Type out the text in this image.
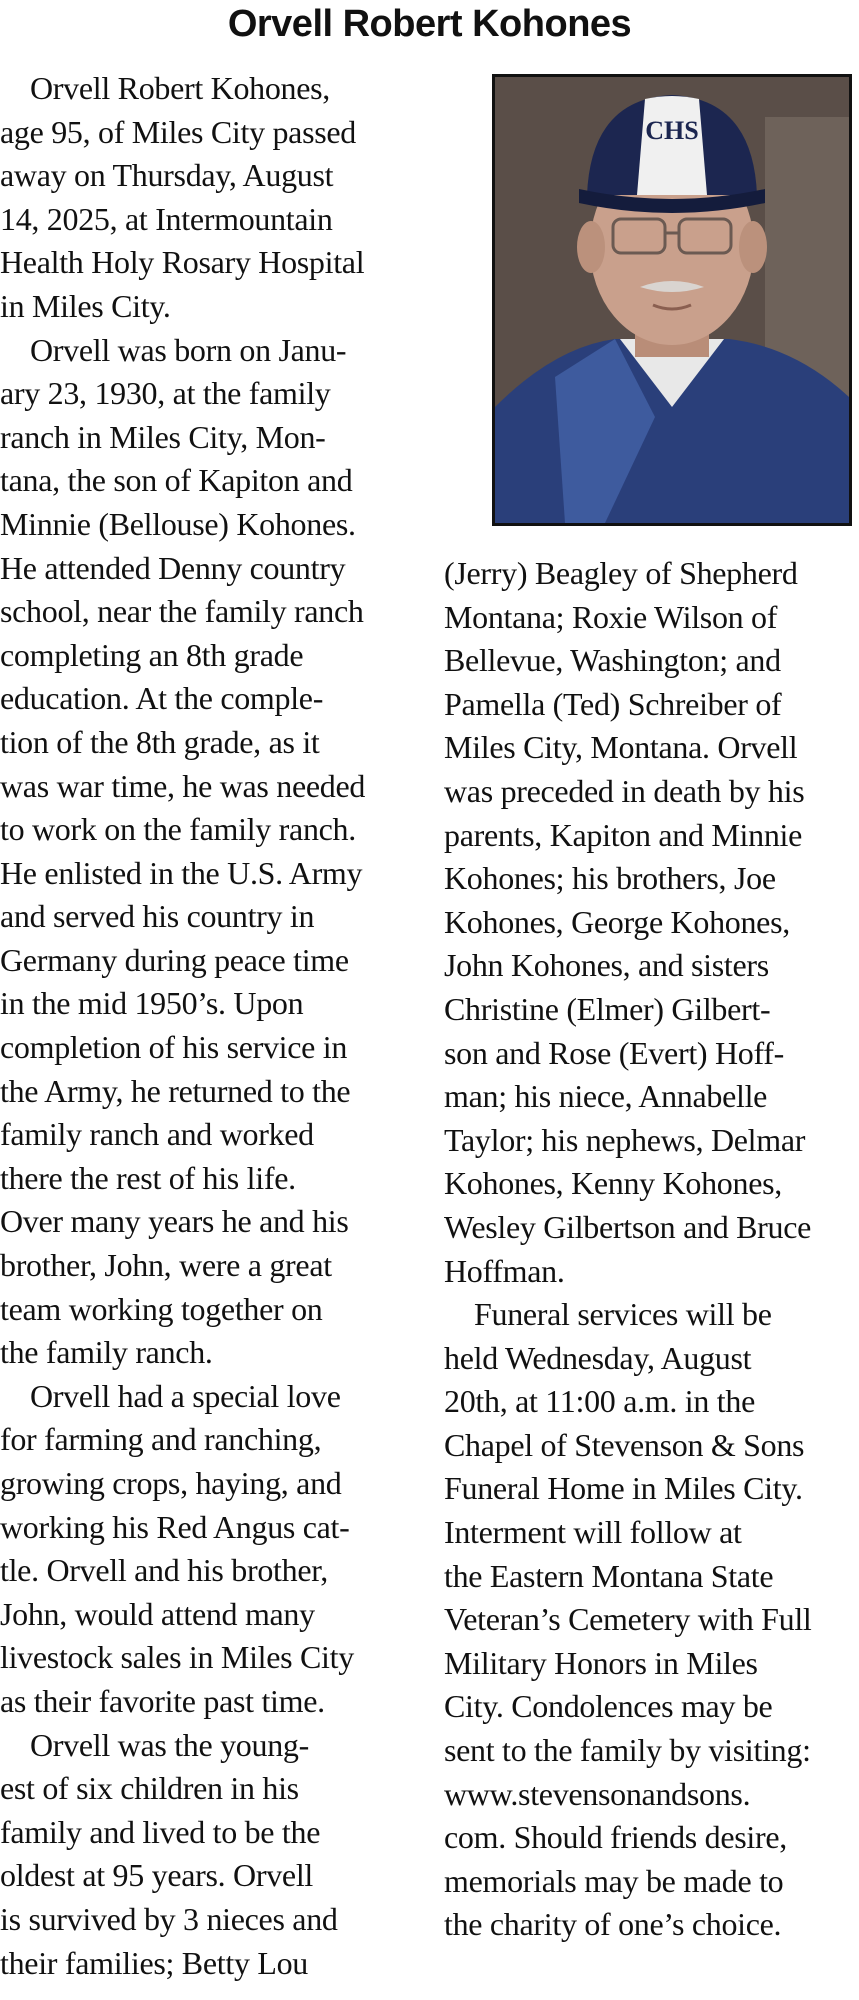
Orvell Robert Kohones
Orvell Robert Kohones,
age 95, of Miles City passed
away on Thursday, August
14, 2025, at Intermountain
Health Holy Rosary Hospital
in Miles City.
Orvell was born on Janu-
ary 23, 1930, at the family
ranch in Miles City, Mon-
tana, the son of Kapiton and
Minnie (Bellouse) Kohones.
He attended Denny country
school, near the family ranch
completing an 8th grade
education. At the comple-
tion of the 8th grade, as it
was war time, he was needed
to work on the family ranch.
He enlisted in the U.S. Army
and served his country in
Germany during peace time
in the mid 1950’s. Upon
completion of his service in
the Army, he returned to the
family ranch and worked
there the rest of his life.
Over many years he and his
brother, John, were a great
team working together on
the family ranch.
Orvell had a special love
for farming and ranching,
growing crops, haying, and
working his Red Angus cat-
tle. Orvell and his brother,
John, would attend many
livestock sales in Miles City
as their favorite past time.
Orvell was the young-
est of six children in his
family and lived to be the
oldest at 95 years. Orvell
is survived by 3 nieces and
their families; Betty Lou
CHS
(Jerry) Beagley of Shepherd
Montana; Roxie Wilson of
Bellevue, Washington; and
Pamella (Ted) Schreiber of
Miles City, Montana. Orvell
was preceded in death by his
parents, Kapiton and Minnie
Kohones; his brothers, Joe
Kohones, George Kohones,
John Kohones, and sisters
Christine (Elmer) Gilbert-
son and Rose (Evert) Hoff-
man; his niece, Annabelle
Taylor; his nephews, Delmar
Kohones, Kenny Kohones,
Wesley Gilbertson and Bruce
Hoffman.
Funeral services will be
held Wednesday, August
20th, at 11:00 a.m. in the
Chapel of Stevenson & Sons
Funeral Home in Miles City.
Interment will follow at
the Eastern Montana State
Veteran’s Cemetery with Full
Military Honors in Miles
City. Condolences may be
sent to the family by visiting:
www.stevensonandsons.
com. Should friends desire,
memorials may be made to
the charity of one’s choice.
